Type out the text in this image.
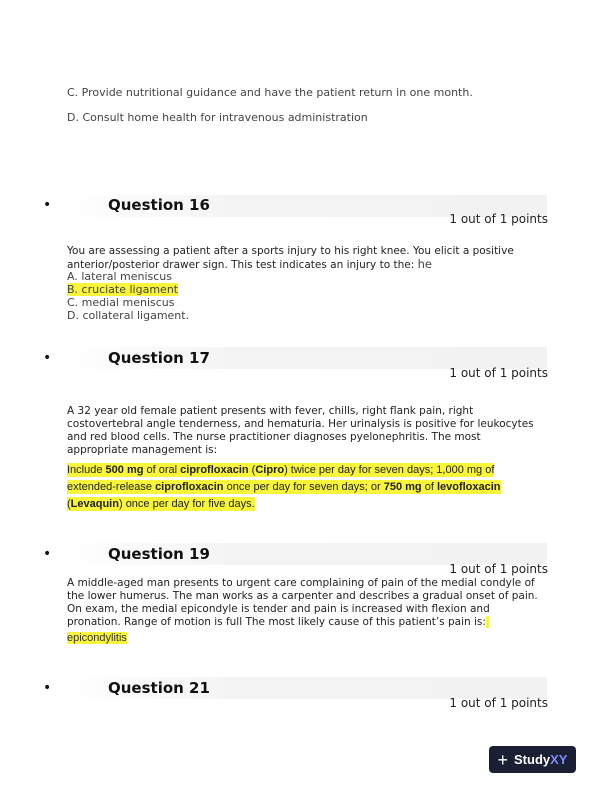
C. Provide nutritional guidance and have the patient return in one month.
D. Consult home health for intravenous administration
•	Question 16
1 out of 1 points
You are assessing a patient after a sports injury to his right knee. You elicit a positive
anterior/posterior drawer sign. This test indicates an injury to the: he
A. lateral meniscus
B. cruciate ligament
C. medial meniscus
D. collateral ligament.
•	Question 17
1 out of 1 points
A 32 year old female patient presents with fever, chills, right flank pain, right
costovertebral angle tenderness, and hematuria. Her urinalysis is positive for leukocytes
and red blood cells. The nurse practitioner diagnoses pyelonephritis. The most
appropriate management is:
Include 500 mg of oral ciprofloxacin (Cipro) twice per day for seven days; 1,000 mg of
extended-release ciprofloxacin once per day for seven days; or 750 mg of levofloxacin
(Levaquin) once per day for five days.
•	Question 19
1 out of 1 points
A middle-aged man presents to urgent care complaining of pain of the medial condyle of
the lower humerus. The man works as a carpenter and describes a gradual onset of pain.
On exam, the medial epicondyle is tender and pain is increased with flexion and
pronation. Range of motion is full The most likely cause of this patient’s pain is:
epicondylitis
•	Question 21
1 out of 1 points
+ StudyXY
